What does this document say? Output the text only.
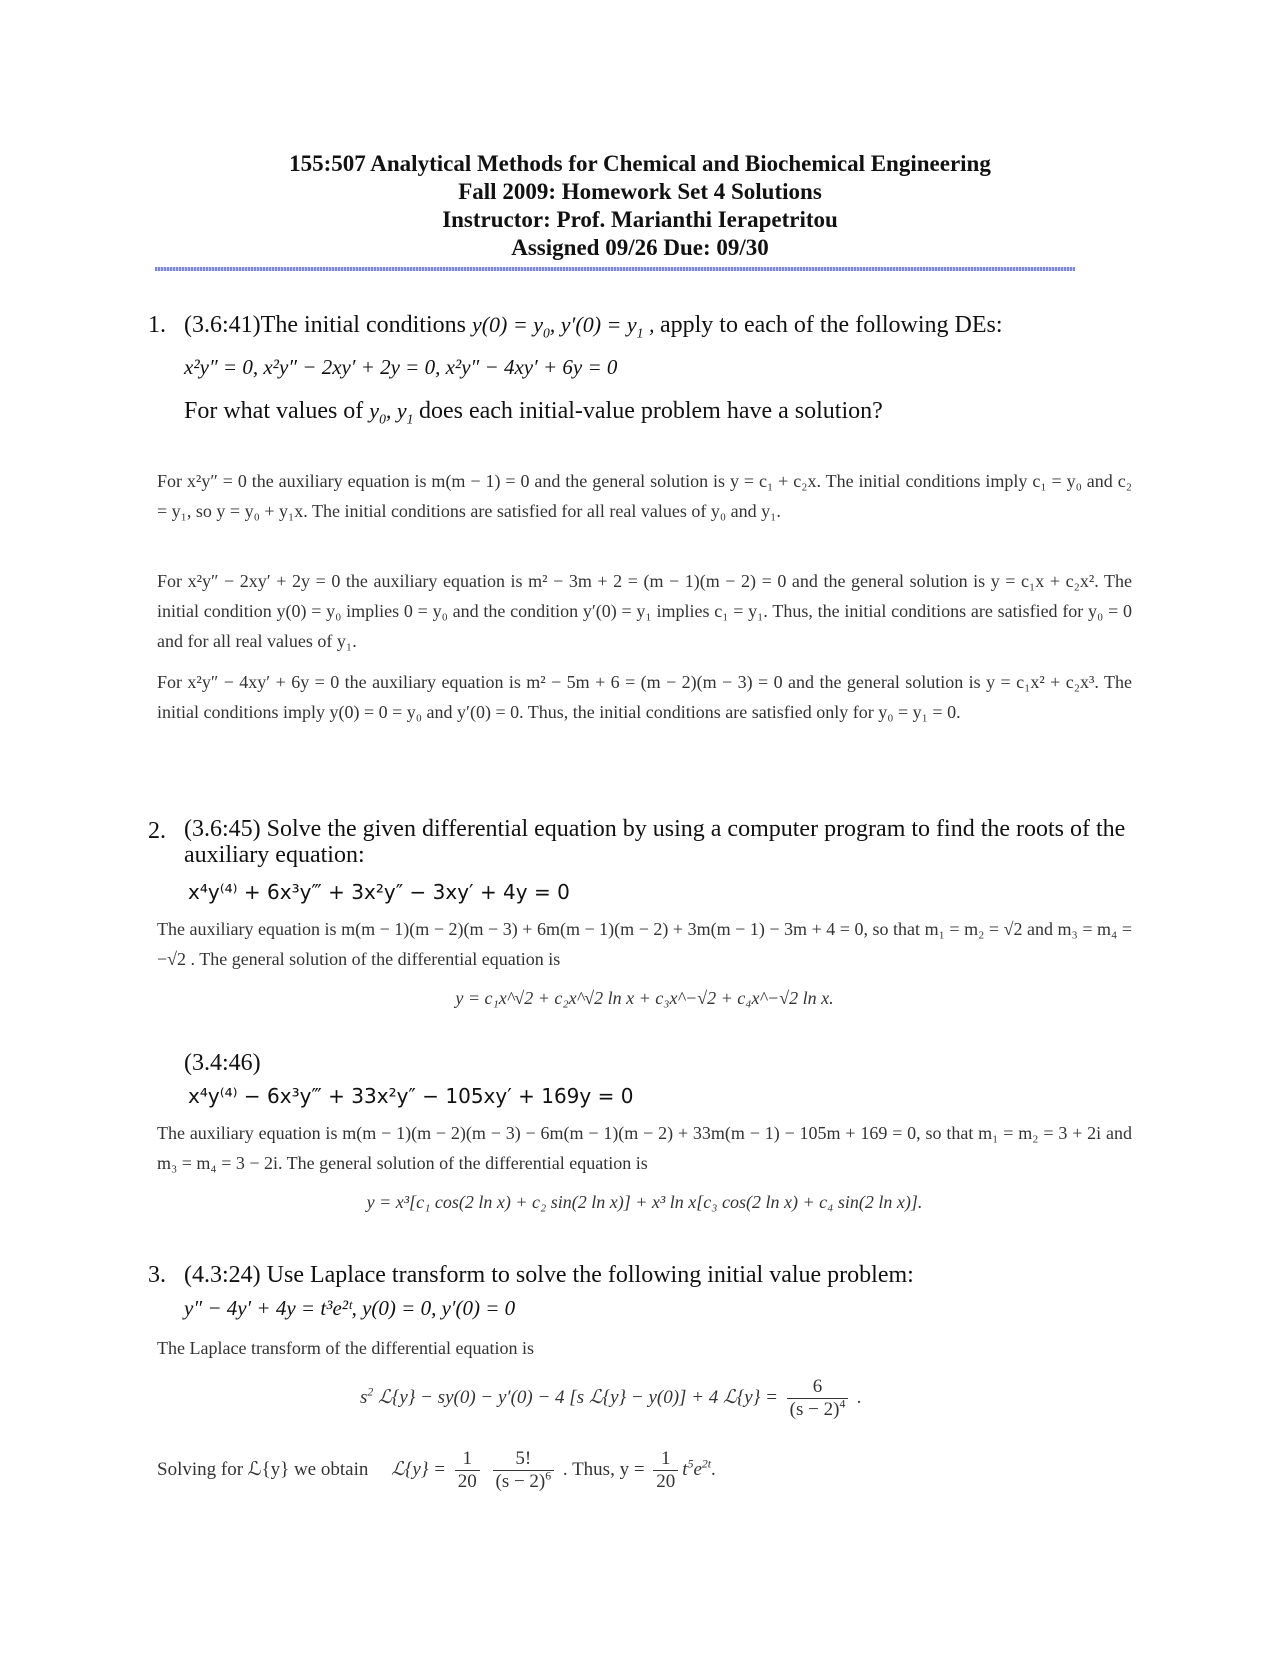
155:507 Analytical Methods for Chemical and Biochemical Engineering
Fall 2009: Homework Set 4 Solutions
Instructor: Prof. Marianthi Ierapetritou
Assigned 09/26 Due: 09/30
1. (3.6:41)The initial conditions $y(0) = y_0$, $y'(0) = y_1$ , apply to each of the following DEs:
x²y″ = 0, x²y″ − 2xy′ + 2y = 0, x²y″ − 4xy′ + 6y = 0
For what values of $y_0$, $y_1$ does each initial-value problem have a solution?

For x²y″ = 0 the auxiliary equation is m(m − 1) = 0 and the general solution is y = c₁ + c₂x. The initial conditions imply c₁ = y₀ and c₂ = y₁, so y = y₀ + y₁x. The initial conditions are satisfied for all real values of y₀ and y₁.

For x²y″ − 2xy′ + 2y = 0 the auxiliary equation is m² − 3m + 2 = (m − 1)(m − 2) = 0 and the general solution is y = c₁x + c₂x². The initial condition y(0) = y₀ implies 0 = y₀ and the condition y′(0) = y₁ implies c₁ = y₁. Thus, the initial conditions are satisfied for y₀ = 0 and for all real values of y₁.

For x²y″ − 4xy′ + 6y = 0 the auxiliary equation is m² − 5m + 6 = (m − 2)(m − 3) = 0 and the general solution is y = c₁x² + c₂x³. The initial conditions imply y(0) = 0 = y₀ and y′(0) = 0. Thus, the initial conditions are satisfied only for y₀ = y₁ = 0.

2. (3.6:45) Solve the given differential equation by using a computer program to find the roots of the auxiliary equation:
x⁴y⁽⁴⁾ + 6x³y‴ + 3x²y″ − 3xy′ + 4y = 0

The auxiliary equation is m(m − 1)(m − 2)(m − 3) + 6m(m − 1)(m − 2) + 3m(m − 1) − 3m + 4 = 0, so that m₁ = m₂ = √2 and m₃ = m₄ = −√2 . The general solution of the differential equation is

y = c₁x^√2 + c₂x^√2 ln x + c₃x^−√2 + c₄x^−√2 ln x.
(3.4:46)
x⁴y⁽⁴⁾ − 6x³y‴ + 33x²y″ − 105xy′ + 169y = 0

The auxiliary equation is m(m − 1)(m − 2)(m − 3) − 6m(m − 1)(m − 2) + 33m(m − 1) − 105m + 169 = 0, so that m₁ = m₂ = 3 + 2i and m₃ = m₄ = 3 − 2i. The general solution of the differential equation is

y = x³[c₁ cos(2 ln x) + c₂ sin(2 ln x)] + x³ ln x[c₃ cos(2 ln x) + c₄ sin(2 ln x)].
3. (4.3:24) Use Laplace transform to solve the following initial value problem:
y″ − 4y′ + 4y = t³e²ᵗ, y(0) = 0, y′(0) = 0

The Laplace transform of the differential equation is

$s^2$ ℒ{y} − sy(0) − y′(0) − 4 [s ℒ{y} − y(0)] + 4 ℒ{y} = $\frac{6}{(s - 2)^4}$ .
Solving for ℒ{y} we obtain ℒ{y} = $\frac{1}{20}$
$\frac{5!}{(s - 2)^6}$ . Thus, $y = \frac{1}{20} t^5e^{2t}$.
